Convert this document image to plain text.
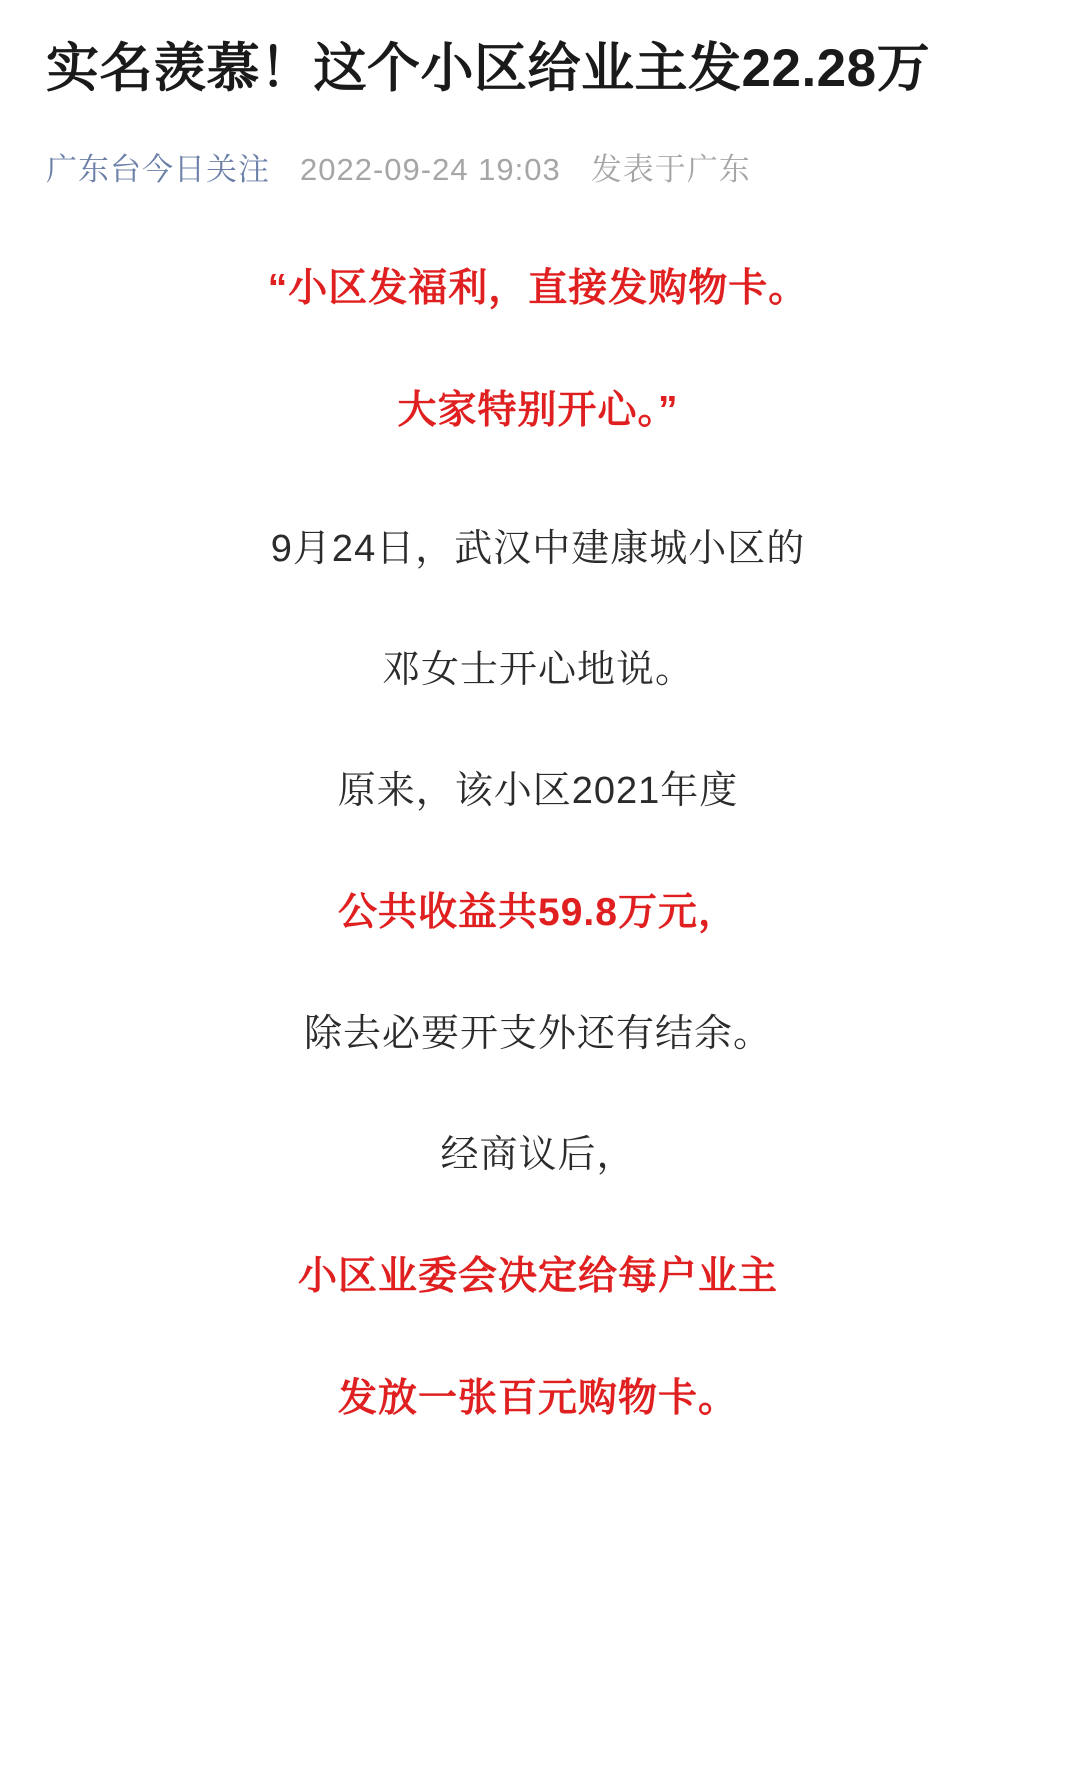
实名羡慕！这个小区给业主发22.28万
广东台今日关注 2022-09-24 19:03 发表于广东

“小区发福利，直接发购物卡。

大家特别开心。”

9月24日，武汉中建康城小区的

邓女士开心地说。

原来，该小区2021年度

公共收益共59.8万元，

除去必要开支外还有结余。

经商议后，

小区业委会决定给每户业主

发放一张百元购物卡。
